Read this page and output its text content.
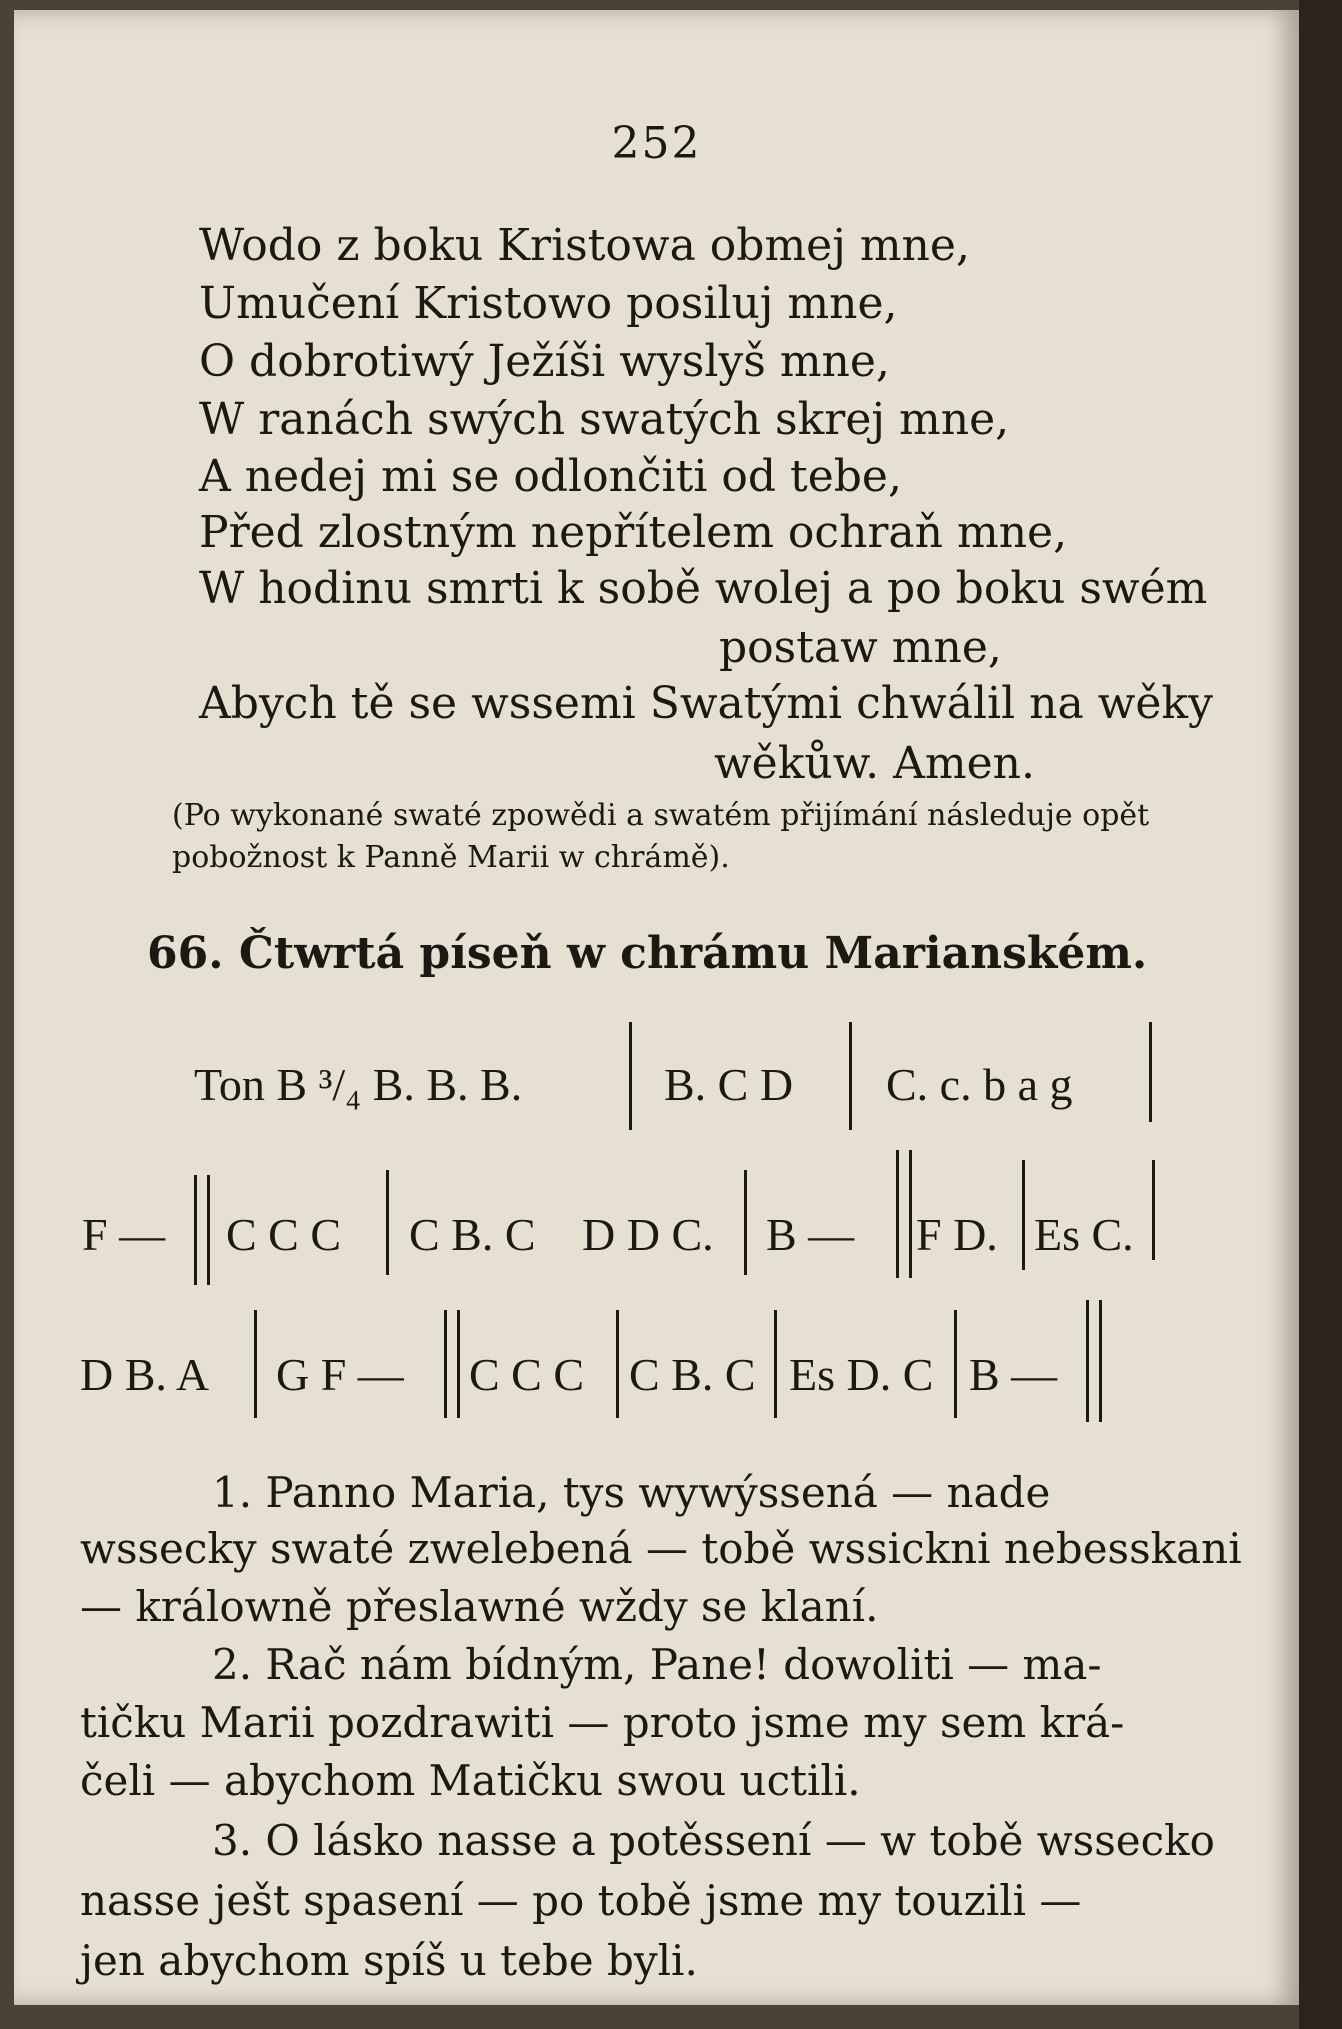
252
Wodo z boku Kristowa obmej mne,
Umučení Kristowo posiluj mne,
O dobrotiwý Ježíši wyslyš mne,
W ranách swých swatých skrej mne,
A nedej mi se odlončiti od tebe,
Před zlostným nepřítelem ochraň mne,
W hodinu smrti k sobě wolej a po boku swém
postaw mne,
Abych tě se wssemi Swatými chwálil na wěky
wěkůw. Amen.
(Po wykonané swaté zpowědi a swatém přijímání následuje opět
pobožnost k Panně Marii w chrámě).
66. Čtwrtá píseň w chrámu Marianském.
Ton B ³/₄ B. B. B.	B. C D C. c. b a g
F — C C C C B. C D D C. B — F D. Es C.
D B. A G F — C C C C B. C Es D. C B —
1. Panno Maria, tys wywýssená — nade
wssecky swaté zwelebená — tobě wssickni nebesskani
— králowně přeslawné wždy se klaní.
2. Rač nám bídným, Pane! dowoliti — ma-
tičku Marii pozdrawiti — proto jsme my sem krá-
čeli — abychom Matičku swou uctili.
3. O lásko nasse a potěssení — w tobě wssecko
nasse ješt spasení — po tobě jsme my touzili —
jen abychom spíš u tebe byli.
